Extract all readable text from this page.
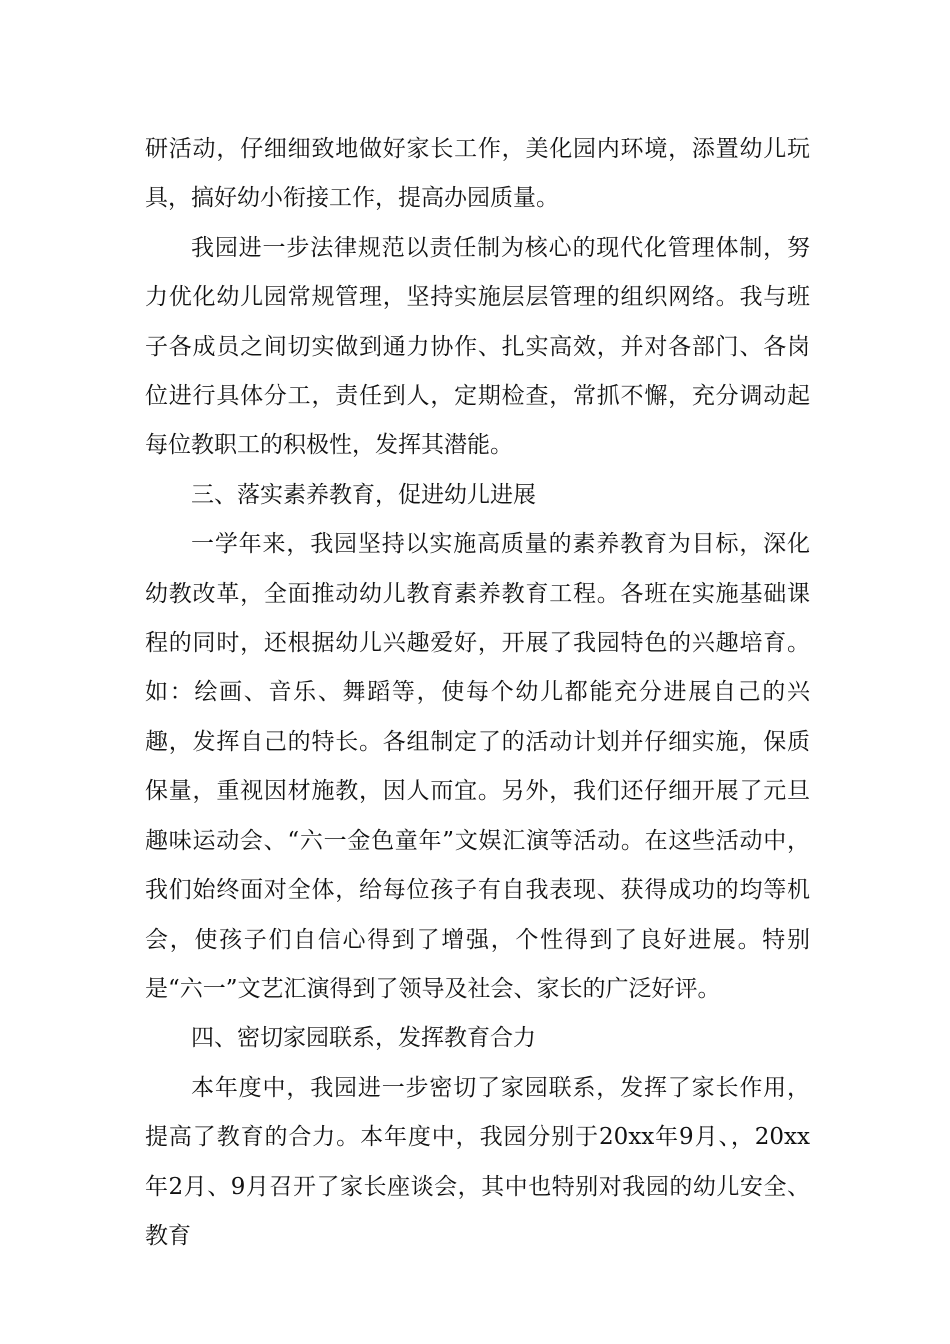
研活动，仔细细致地做好家长工作，美化园内环境，添置幼儿玩具，搞好幼小衔接工作，提高办园质量。

我园进一步法律规范以责任制为核心的现代化管理体制，努力优化幼儿园常规管理，坚持实施层层管理的组织网络。我与班子各成员之间切实做到通力协作、扎实高效，并对各部门、各岗位进行具体分工，责任到人，定期检查，常抓不懈，充分调动起每位教职工的积极性，发挥其潜能。

三、落实素养教育，促进幼儿进展

一学年来，我园坚持以实施高质量的素养教育为目标，深化幼教改革，全面推动幼儿教育素养教育工程。各班在实施基础课程的同时，还根据幼儿兴趣爱好，开展了我园特色的兴趣培育。如：绘画、音乐、舞蹈等，使每个幼儿都能充分进展自己的兴趣，发挥自己的特长。各组制定了的活动计划并仔细实施，保质保量，重视因材施教，因人而宜。另外，我们还仔细开展了元旦趣味运动会、“六一金色童年”文娱汇演等活动。在这些活动中，我们始终面对全体，给每位孩子有自我表现、获得成功的均等机会，使孩子们自信心得到了增强，个性得到了良好进展。特别是“六一”文艺汇演得到了领导及社会、家长的广泛好评。

四、密切家园联系，发挥教育合力

本年度中，我园进一步密切了家园联系，发挥了家长作用，提高了教育的合力。本年度中，我园分别于20xx年9月、，20xx年2月、9月召开了家长座谈会，其中也特别对我园的幼儿安全、教育
